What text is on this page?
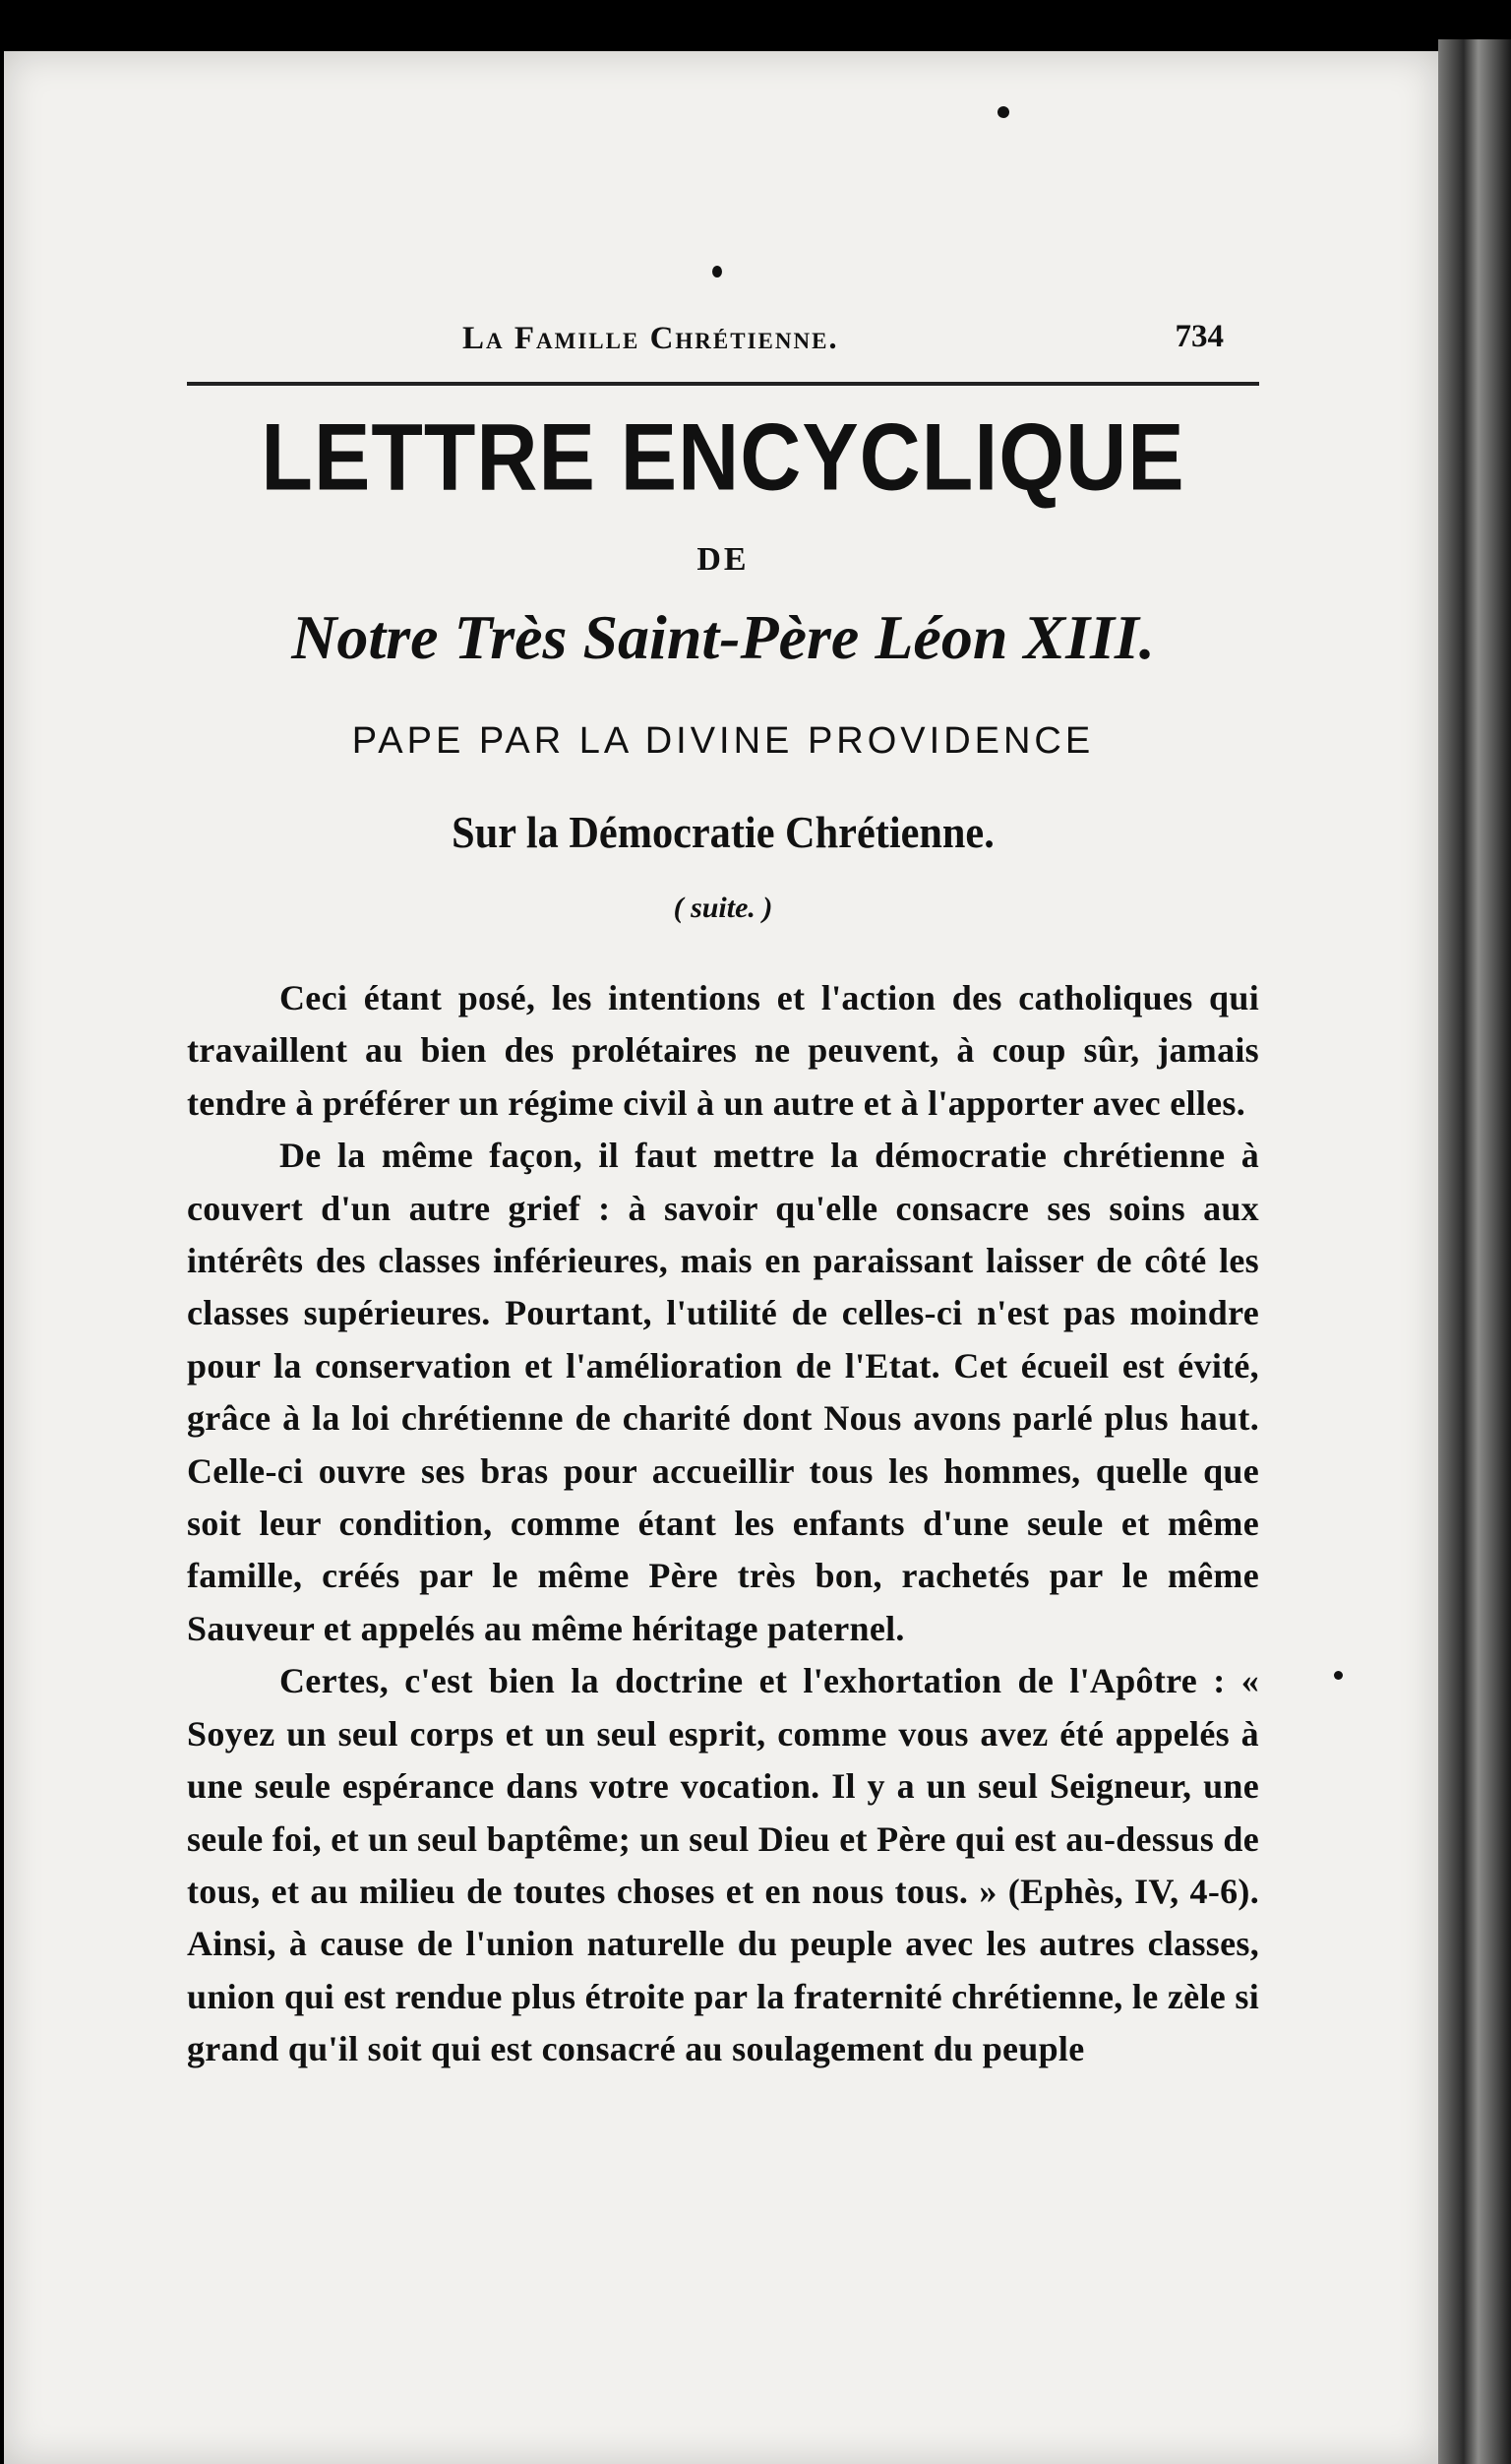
La Famille Chrétienne.	734
LETTRE ENCYCLIQUE
DE
Notre Très Saint-Père Léon XIII.
PAPE PAR LA DIVINE PROVIDENCE
Sur la Démocratie Chrétienne.
( suite. )

Ceci étant posé, les intentions et l'action des catholiques qui travaillent au bien des prolétaires ne peuvent, à coup sûr, jamais tendre à préférer un régime civil à un autre et à l'apporter avec elles.

De la même façon, il faut mettre la démocratie chrétienne à couvert d'un autre grief : à savoir qu'elle consacre ses soins aux intérêts des classes inférieures, mais en paraissant laisser de côté les classes supérieures. Pourtant, l'utilité de celles-ci n'est pas moindre pour la conservation et l'amélioration de l'Etat. Cet écueil est évité, grâce à la loi chrétienne de charité dont Nous avons parlé plus haut. Celle-ci ouvre ses bras pour accueillir tous les hommes, quelle que soit leur condition, comme étant les enfants d'une seule et même famille, créés par le même Père très bon, rachetés par le même Sauveur et appelés au même héritage paternel.

Certes, c'est bien la doctrine et l'exhortation de l'Apôtre : « Soyez un seul corps et un seul esprit, comme vous avez été appelés à une seule espérance dans votre vocation. Il y a un seul Seigneur, une seule foi, et un seul baptême; un seul Dieu et Père qui est au-dessus de tous, et au milieu de toutes choses et en nous tous. » (Ephès, IV, 4-6). Ainsi, à cause de l'union naturelle du peuple avec les autres classes, union qui est rendue plus étroite par la fraternité chrétienne, le zèle si grand qu'il soit qui est consacré au soulagement du peuple
